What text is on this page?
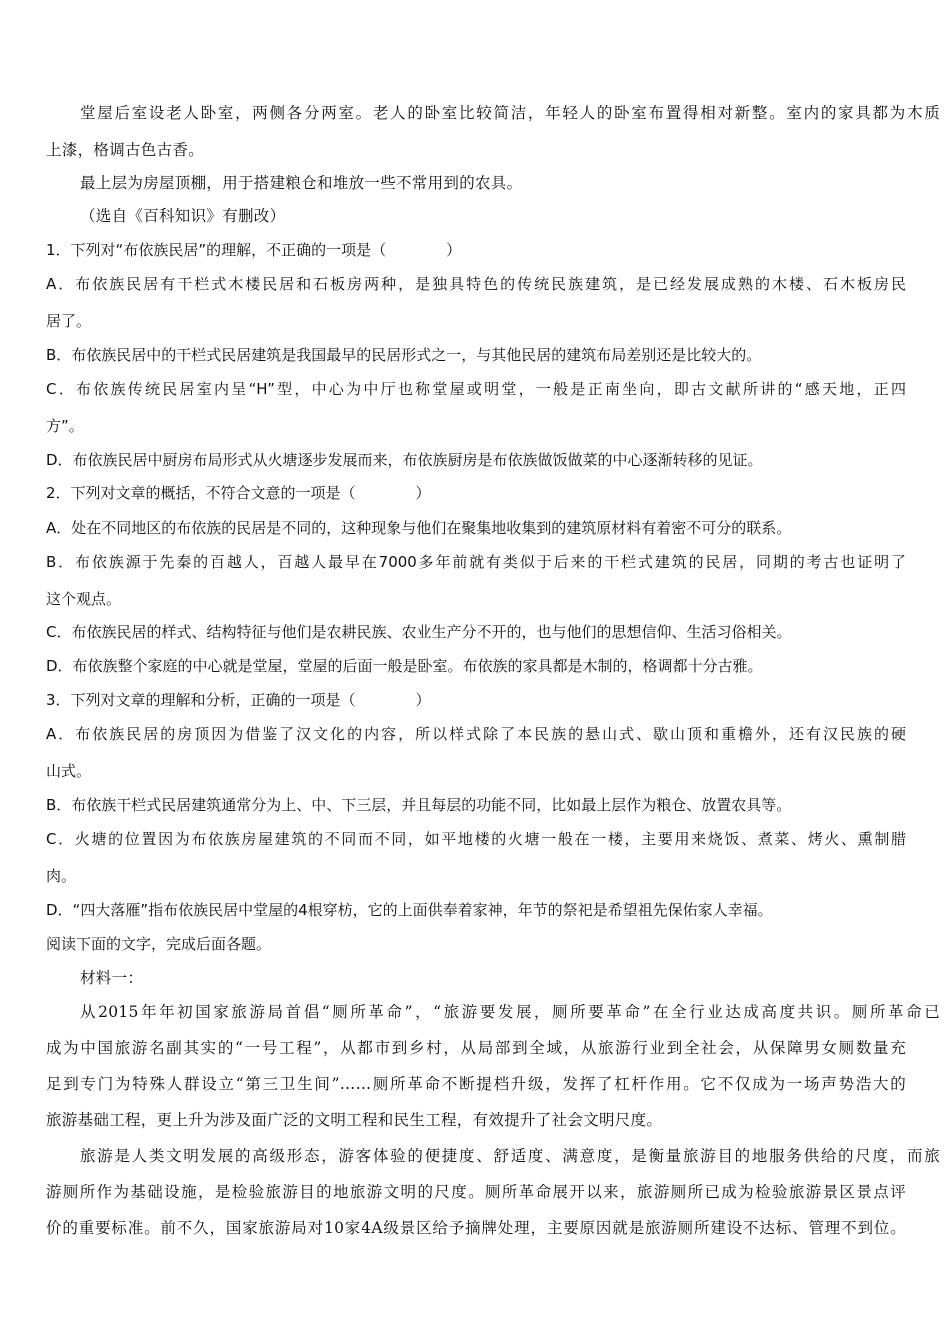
堂屋后室设老人卧室，两侧各分两室。老人的卧室比较简洁，年轻人的卧室布置得相对新整。室内的家具都为木质
上漆，格调古色古香。
最上层为房屋顶棚，用于搭建粮仓和堆放一些不常用到的农具。
（选自《百科知识》有删改）
1．下列对“布依族民居”的理解，不正确的一项是（　　　　）
A．布依族民居有干栏式木楼民居和石板房两种，是独具特色的传统民族建筑，是已经发展成熟的木楼、石木板房民
居了。
B．布依族民居中的干栏式民居建筑是我国最早的民居形式之一，与其他民居的建筑布局差别还是比较大的。
C．布依族传统民居室内呈“H”型，中心为中厅也称堂屋或明堂，一般是正南坐向，即古文献所讲的“感天地，正四
方”。
D．布依族民居中厨房布局形式从火塘逐步发展而来，布依族厨房是布依族做饭做菜的中心逐渐转移的见证。
2．下列对文章的概括，不符合文意的一项是（　　　　）
A．处在不同地区的布依族的民居是不同的，这种现象与他们在聚集地收集到的建筑原材料有着密不可分的联系。
B．布依族源于先秦的百越人，百越人最早在7000多年前就有类似于后来的干栏式建筑的民居，同期的考古也证明了
这个观点。
C．布依族民居的样式、结构特征与他们是农耕民族、农业生产分不开的，也与他们的思想信仰、生活习俗相关。
D．布依族整个家庭的中心就是堂屋，堂屋的后面一般是卧室。布依族的家具都是木制的，格调都十分古雅。
3．下列对文章的理解和分析，正确的一项是（　　　　）
A．布依族民居的房顶因为借鉴了汉文化的内容，所以样式除了本民族的悬山式、歇山顶和重檐外，还有汉民族的硬
山式。
B．布依族干栏式民居建筑通常分为上、中、下三层，并且每层的功能不同，比如最上层作为粮仓、放置农具等。
C．火塘的位置因为布依族房屋建筑的不同而不同，如平地楼的火塘一般在一楼，主要用来烧饭、煮菜、烤火、熏制腊
肉。
D．“四大落雁”指布依族民居中堂屋的4根穿枋，它的上面供奉着家神，年节的祭祀是希望祖先保佑家人幸福。
阅读下面的文字，完成后面各题。
材料一：
从2015年年初国家旅游局首倡“厕所革命”，“旅游要发展，厕所要革命”在全行业达成高度共识。厕所革命已
成为中国旅游名副其实的“一号工程”，从都市到乡村，从局部到全域，从旅游行业到全社会，从保障男女厕数量充
足到专门为特殊人群设立“第三卫生间”……厕所革命不断提档升级，发挥了杠杆作用。它不仅成为一场声势浩大的
旅游基础工程，更上升为涉及面广泛的文明工程和民生工程，有效提升了社会文明尺度。
旅游是人类文明发展的高级形态，游客体验的便捷度、舒适度、满意度，是衡量旅游目的地服务供给的尺度，而旅
游厕所作为基础设施，是检验旅游目的地旅游文明的尺度。厕所革命展开以来，旅游厕所已成为检验旅游景区景点评
价的重要标准。前不久，国家旅游局对10家4A级景区给予摘牌处理，主要原因就是旅游厕所建设不达标、管理不到位。
